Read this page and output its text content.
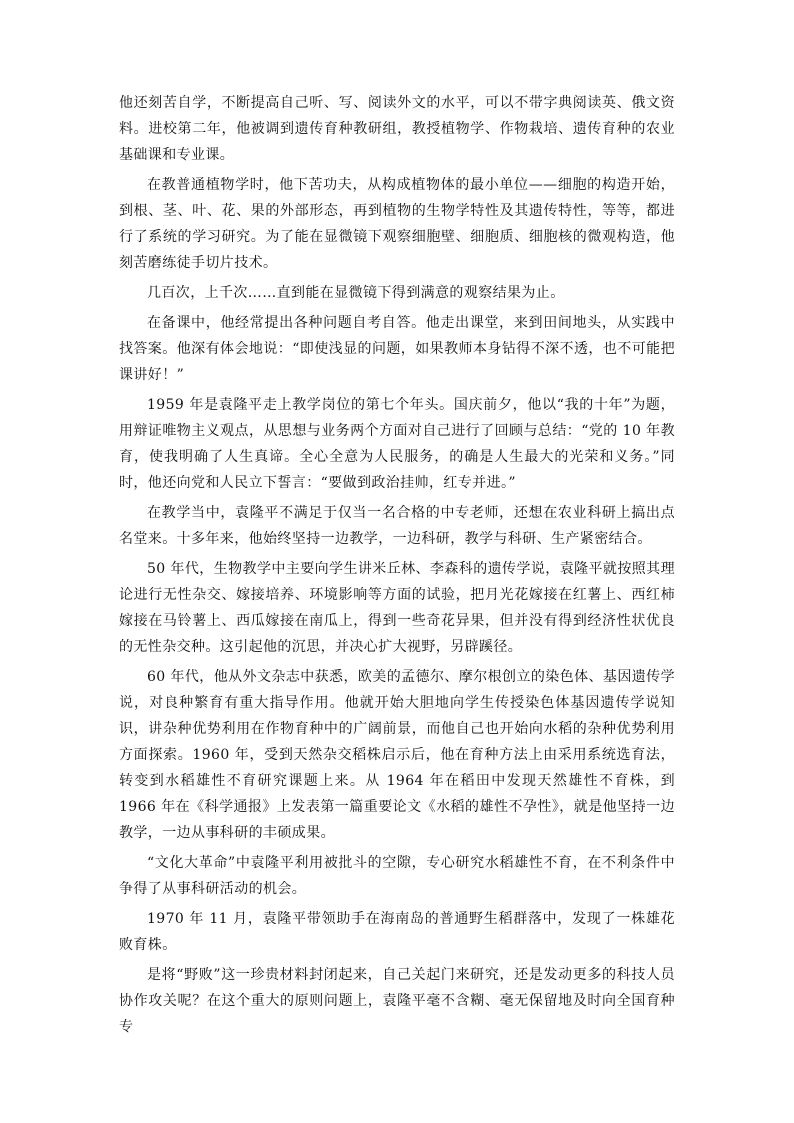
他还刻苦自学，不断提高自己听、写、阅读外文的水平，可以不带字典阅读英、俄文资料。进校第二年，他被调到遗传育种教研组，教授植物学、作物栽培、遗传育种的农业基础课和专业课。

在教普通植物学时，他下苦功夫，从构成植物体的最小单位——细胞的构造开始，到根、茎、叶、花、果的外部形态，再到植物的生物学特性及其遗传特性，等等，都进行了系统的学习研究。为了能在显微镜下观察细胞壁、细胞质、细胞核的微观构造，他刻苦磨练徒手切片技术。

几百次，上千次……直到能在显微镜下得到满意的观察结果为止。

在备课中，他经常提出各种问题自考自答。他走出课堂，来到田间地头，从实践中找答案。他深有体会地说：“即使浅显的问题，如果教师本身钻得不深不透，也不可能把课讲好！”

1959 年是袁隆平走上教学岗位的第七个年头。国庆前夕，他以“我的十年”为题，用辩证唯物主义观点，从思想与业务两个方面对自己进行了回顾与总结：“党的 10 年教育，使我明确了人生真谛。全心全意为人民服务，的确是人生最大的光荣和义务。”同时，他还向党和人民立下誓言：“要做到政治挂帅，红专并进。”

在教学当中，袁隆平不满足于仅当一名合格的中专老师，还想在农业科研上搞出点名堂来。十多年来，他始终坚持一边教学，一边科研，教学与科研、生产紧密结合。

50 年代，生物教学中主要向学生讲米丘林、李森科的遗传学说，袁隆平就按照其理论进行无性杂交、嫁接培养、环境影响等方面的试验，把月光花嫁接在红薯上、西红柿嫁接在马铃薯上、西瓜嫁接在南瓜上，得到一些奇花异果，但并没有得到经济性状优良的无性杂交种。这引起他的沉思，并决心扩大视野，另辟蹊径。

60 年代，他从外文杂志中获悉，欧美的孟德尔、摩尔根创立的染色体、基因遗传学说，对良种繁育有重大指导作用。他就开始大胆地向学生传授染色体基因遗传学说知识，讲杂种优势利用在作物育种中的广阔前景，而他自己也开始向水稻的杂种优势利用方面探索。1960 年，受到天然杂交稻株启示后，他在育种方法上由采用系统选育法，转变到水稻雄性不育研究课题上来。从 1964 年在稻田中发现天然雄性不育株，到 1966 年在《科学通报》上发表第一篇重要论文《水稻的雄性不孕性》，就是他坚持一边教学，一边从事科研的丰硕成果。

“文化大革命”中袁隆平利用被批斗的空隙，专心研究水稻雄性不育，在不利条件中争得了从事科研活动的机会。

1970 年 11 月，袁隆平带领助手在海南岛的普通野生稻群落中，发现了一株雄花败育株。

是将“野败”这一珍贵材料封闭起来，自己关起门来研究，还是发动更多的科技人员协作攻关呢？在这个重大的原则问题上，袁隆平毫不含糊、毫无保留地及时向全国育种专
